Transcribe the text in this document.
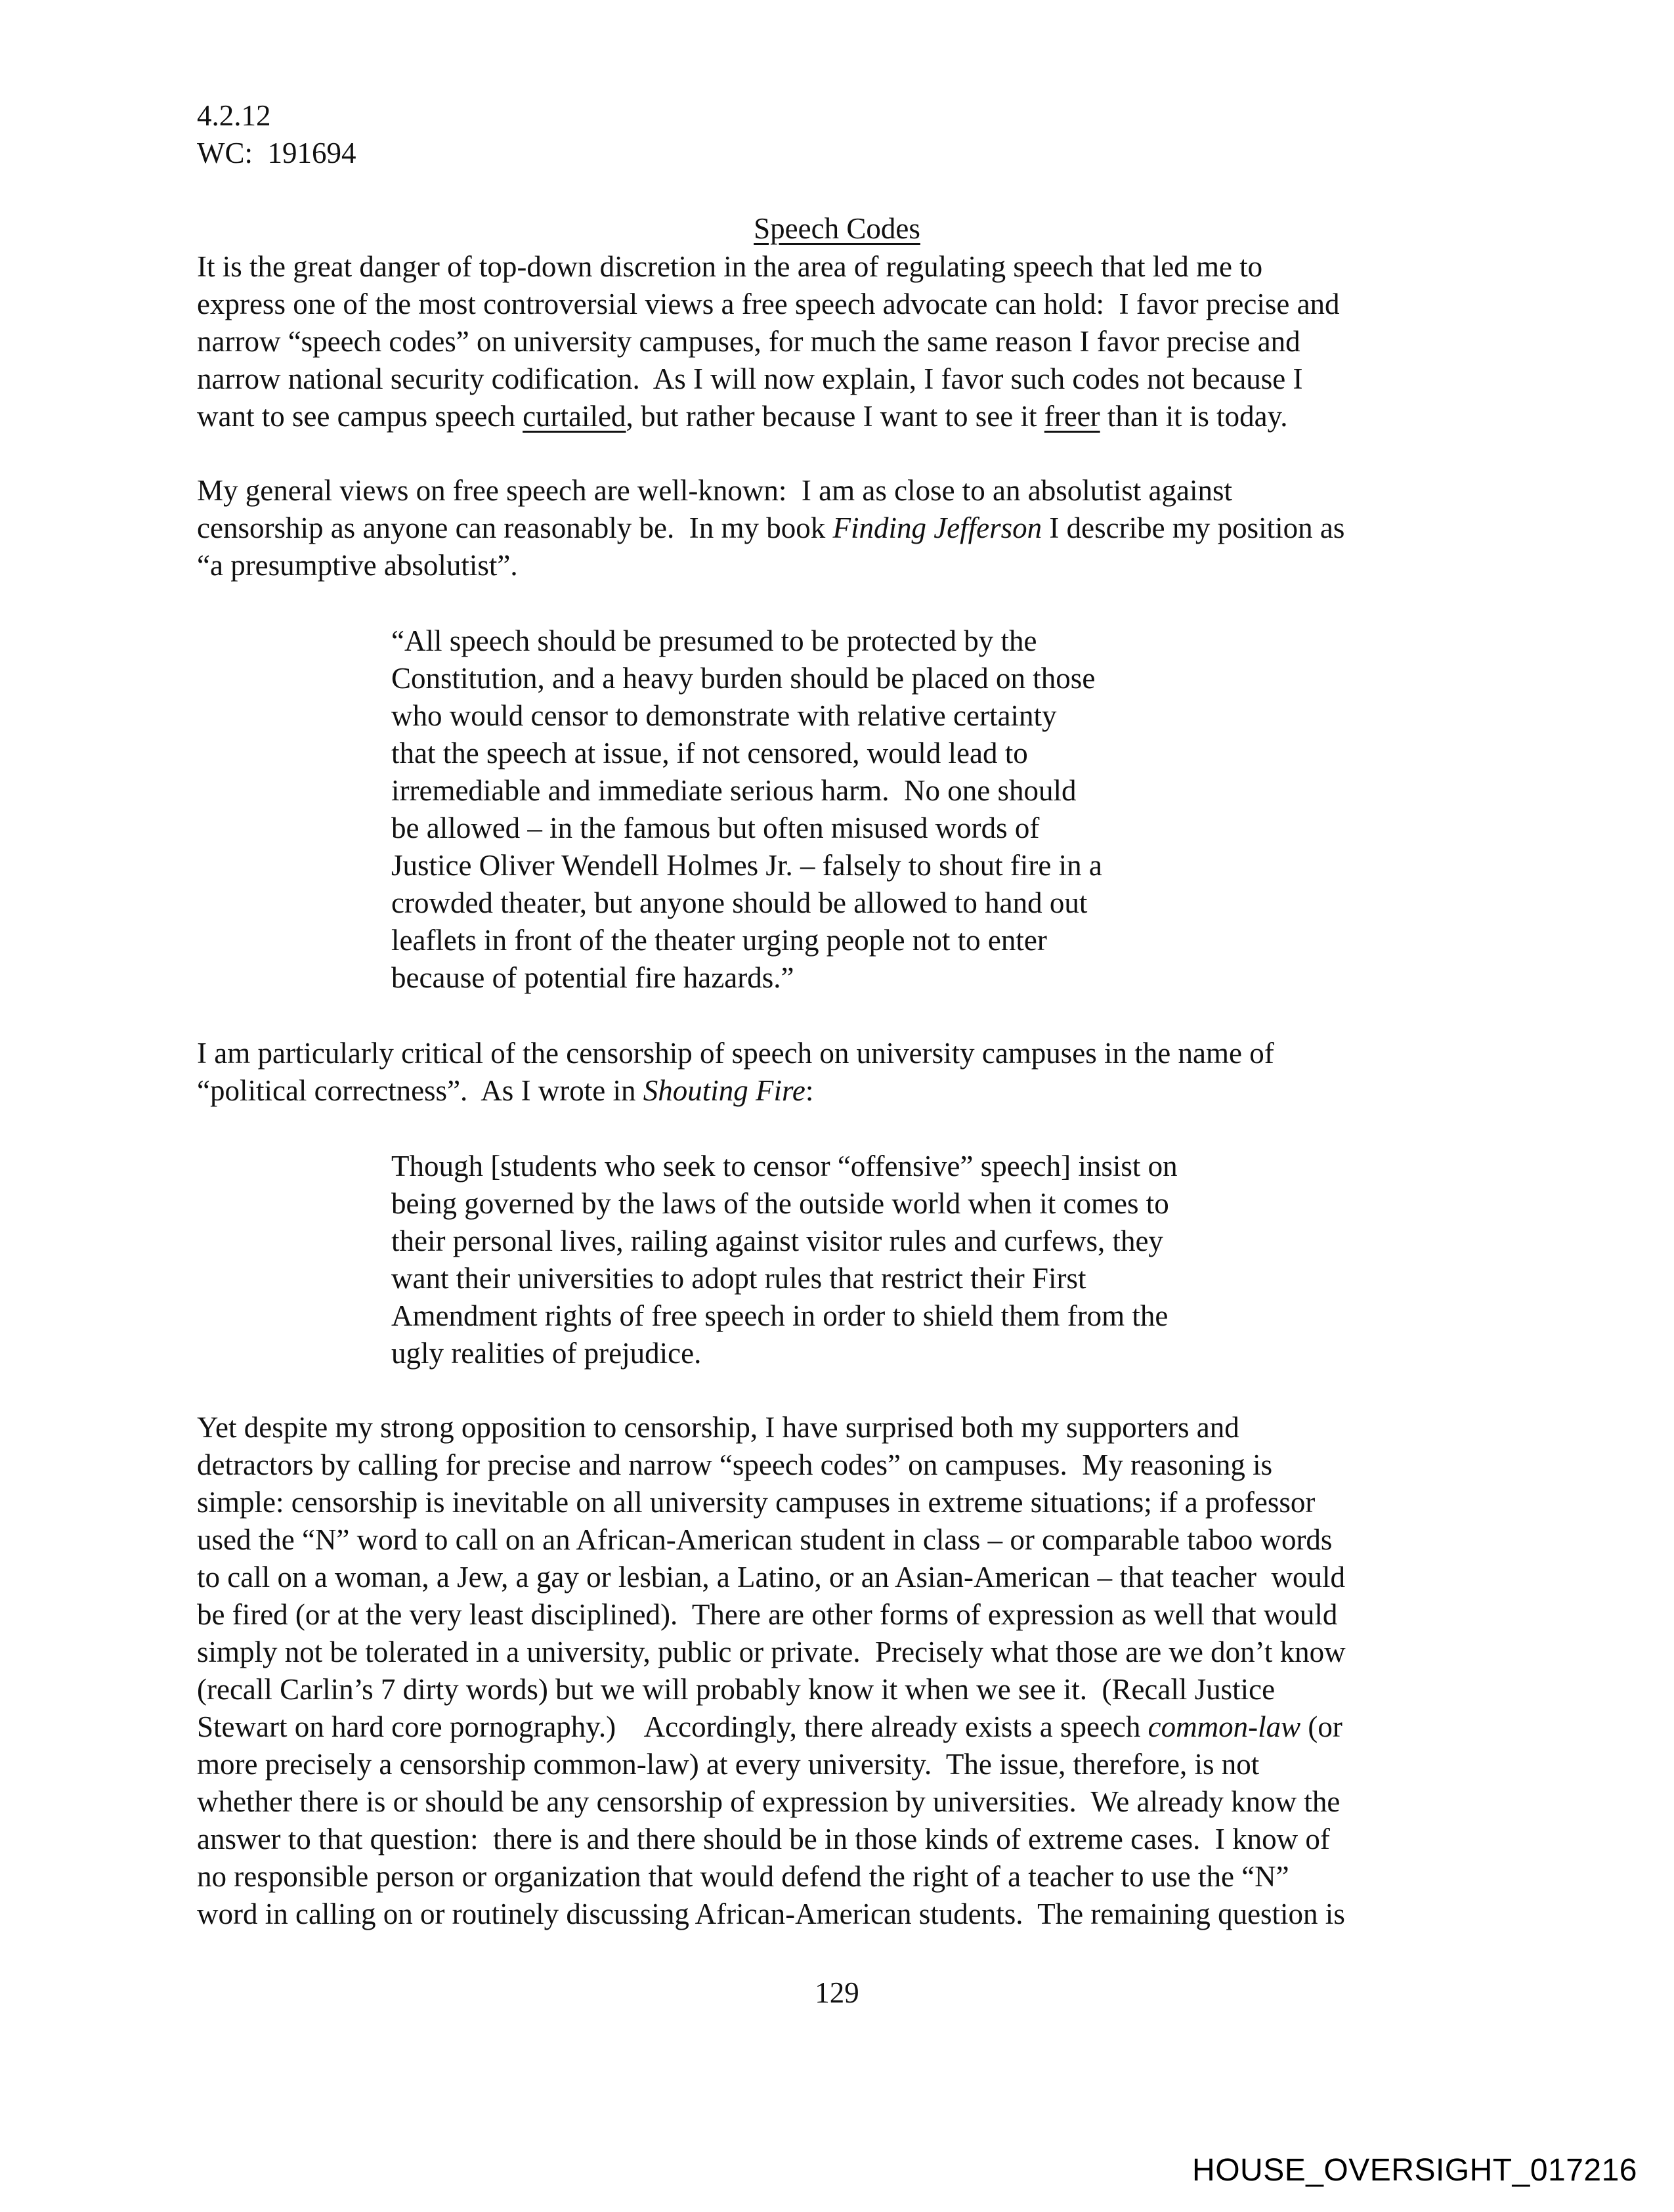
4.2.12
WC:  191694
Speech Codes
It is the great danger of top-down discretion in the area of regulating speech that led me to
express one of the most controversial views a free speech advocate can hold:  I favor precise and
narrow “speech codes” on university campuses, for much the same reason I favor precise and
narrow national security codification.  As I will now explain, I favor such codes not because I
want to see campus speech curtailed, but rather because I want to see it freer than it is today.
My general views on free speech are well-known:  I am as close to an absolutist against
censorship as anyone can reasonably be.  In my book Finding Jefferson I describe my position as
“a presumptive absolutist”.
“All speech should be presumed to be protected by the
Constitution, and a heavy burden should be placed on those
who would censor to demonstrate with relative certainty
that the speech at issue, if not censored, would lead to
irremediable and immediate serious harm.  No one should
be allowed – in the famous but often misused words of
Justice Oliver Wendell Holmes Jr. – falsely to shout fire in a
crowded theater, but anyone should be allowed to hand out
leaflets in front of the theater urging people not to enter
because of potential fire hazards.”
I am particularly critical of the censorship of speech on university campuses in the name of
“political correctness”.  As I wrote in Shouting Fire:
Though [students who seek to censor “offensive” speech] insist on
being governed by the laws of the outside world when it comes to
their personal lives, railing against visitor rules and curfews, they
want their universities to adopt rules that restrict their First
Amendment rights of free speech in order to shield them from the
ugly realities of prejudice.
Yet despite my strong opposition to censorship, I have surprised both my supporters and
detractors by calling for precise and narrow “speech codes” on campuses.  My reasoning is
simple: censorship is inevitable on all university campuses in extreme situations; if a professor
used the “N” word to call on an African-American student in class – or comparable taboo words
to call on a woman, a Jew, a gay or lesbian, a Latino, or an Asian-American – that teacher  would
be fired (or at the very least disciplined).  There are other forms of expression as well that would
simply not be tolerated in a university, public or private.  Precisely what those are we don’t know
(recall Carlin’s 7 dirty words) but we will probably know it when we see it.  (Recall Justice
Stewart on hard core pornography.)    Accordingly, there already exists a speech common-law (or
more precisely a censorship common-law) at every university.  The issue, therefore, is not
whether there is or should be any censorship of expression by universities.  We already know the
answer to that question:  there is and there should be in those kinds of extreme cases.  I know of
no responsible person or organization that would defend the right of a teacher to use the “N”
word in calling on or routinely discussing African-American students.  The remaining question is
129
HOUSE_OVERSIGHT_017216
